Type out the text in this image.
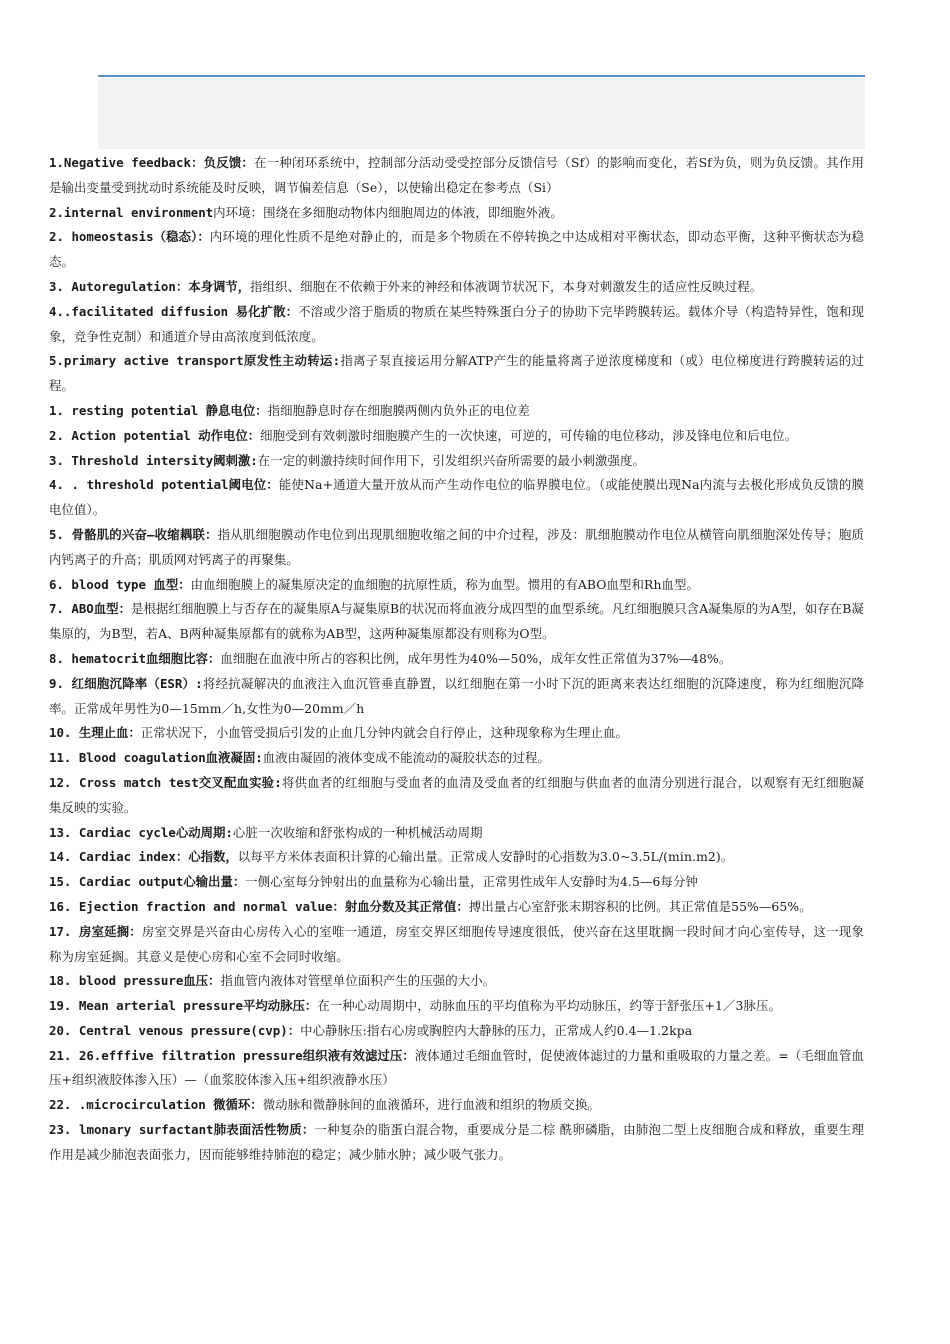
1.Negative feedback：负反馈：在一种闭环系统中，控制部分活动受受控部分反馈信号（Sf）的影响而变化，若Sf为负，则为负反馈。其作用是输出变量受到扰动时系统能及时反映，调节偏差信息（Se），以使输出稳定在参考点（Si）

2.internal environment内环境：围绕在多细胞动物体内细胞周边的体液，即细胞外液。

2. homeostasis（稳态）：内环境的理化性质不是绝对静止的，而是多个物质在不停转换之中达成相对平衡状态，即动态平衡，这种平衡状态为稳态。

3. Autoregulation：本身调节，指组织、细胞在不依赖于外来的神经和体液调节状况下，本身对刺激发生的适应性反映过程。

4..facilitated diffusion 易化扩散：不溶或少溶于脂质的物质在某些特殊蛋白分子的协助下完毕跨膜转运。载体介导（构造特异性，饱和现象，竞争性克制）和通道介导由高浓度到低浓度。

5.primary active transport原发性主动转运:指离子泵直接运用分解ATP产生的能量将离子逆浓度梯度和（或）电位梯度进行跨膜转运的过程。

1. resting potential 静息电位：指细胞静息时存在细胞膜两侧内负外正的电位差

2. Action potential 动作电位：细胞受到有效刺激时细胞膜产生的一次快速，可逆的，可传输的电位移动，涉及锋电位和后电位。

3. Threshold intersity阈刺激:在一定的刺激持续时间作用下，引发组织兴奋所需要的最小刺激强度。

4. . threshold potential阈电位：能使Na+通道大量开放从而产生动作电位的临界膜电位。（或能使膜出现Na内流与去极化形成负反馈的膜电位值）。

5. 骨骼肌的兴奋—收缩耦联：指从肌细胞膜动作电位到出现肌细胞收缩之间的中介过程，涉及：肌细胞膜动作电位从横管向肌细胞深处传导；胞质内钙离子的升高；肌质网对钙离子的再聚集。

6. blood type 血型：由血细胞膜上的凝集原决定的血细胞的抗原性质，称为血型。惯用的有ABO血型和Rh血型。

7. ABO血型：是根据红细胞膜上与否存在的凝集原A与凝集原B的状况而将血液分成四型的血型系统。凡红细胞膜只含A凝集原的为A型，如存在B凝集原的，为B型，若A、B两种凝集原都有的就称为AB型，这两种凝集原都没有则称为O型。

8. hematocrit血细胞比容：血细胞在血液中所占的容积比例，成年男性为40%—50%，成年女性正常值为37%—48%。

9. 红细胞沉降率（ESR）:将经抗凝解决的血液注入血沉管垂直静置，以红细胞在第一小时下沉的距离来表达红细胞的沉降速度，称为红细胞沉降率。正常成年男性为0—15mm／h,女性为0—20mm／h

10. 生理止血：正常状况下，小血管受损后引发的止血几分钟内就会自行停止，这种现象称为生理止血。

11. Blood coagulation血液凝固:血液由凝固的液体变成不能流动的凝胶状态的过程。

12. Cross match test交叉配血实验:将供血者的红细胞与受血者的血清及受血者的红细胞与供血者的血清分别进行混合，以观察有无红细胞凝集反映的实验。

13. Cardiac cycle心动周期:心脏一次收缩和舒张构成的一种机械活动周期

14. Cardiac index：心指数，以每平方米体表面积计算的心输出量。正常成人安静时的心指数为3.0~3.5L/(min.m2)。

15. Cardiac output心输出量：一侧心室每分钟射出的血量称为心输出量，正常男性成年人安静时为4.5—6每分钟

16. Ejection fraction and normal value：射血分数及其正常值：搏出量占心室舒张末期容积的比例。其正常值是55%—65%。

17. 房室延搁：房室交界是兴奋由心房传入心的室唯一通道，房室交界区细胞传导速度很低，使兴奋在这里耽搁一段时间才向心室传导，这一现象称为房室延搁。其意义是使心房和心室不会同时收缩。

18. blood pressure血压：指血管内液体对管壁单位面积产生的压强的大小。

19. Mean arterial pressure平均动脉压：在一种心动周期中，动脉血压的平均值称为平均动脉压，约等于舒张压+1／3脉压。

20. Central venous pressure(cvp)：中心静脉压:指右心房或胸腔内大静脉的压力，正常成人约0.4—1.2kpa

21. 26.efffive filtration pressure组织液有效滤过压：液体通过毛细血管时，促使液体滤过的力量和重吸取的力量之差。=（毛细血管血压+组织液胶体渗入压）—（血浆胶体渗入压+组织液静水压）

22. .microcirculation 微循环：微动脉和微静脉间的血液循环，进行血液和组织的物质交换。

23. lmonary surfactant肺表面活性物质：一种复杂的脂蛋白混合物，重要成分是二棕 酰卵磷脂，由肺泡二型上皮细胞合成和释放，重要生理作用是减少肺泡表面张力，因而能够维持肺泡的稳定；减少肺水肿；减少吸气张力。
